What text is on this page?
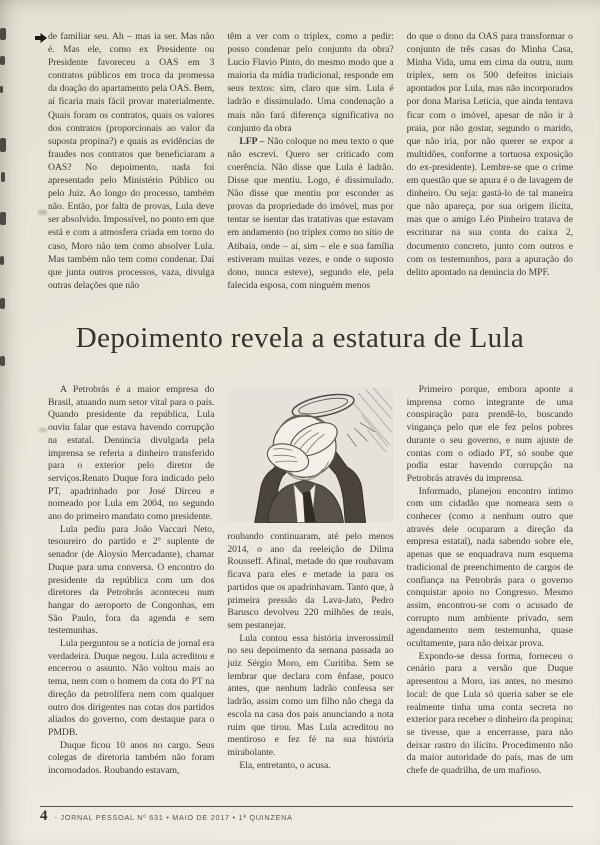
de familiar seu. Ah – mas ia ser. Mas não é. Mas ele, como ex Presidente ou Presidente favoreceu a OAS em 3 contratos públicos em troca da promessa da doação do apartamento pela OAS. Bem, aí ficaria mais fácil provar materialmente. Quais foram os contratos, quais os valores dos contratos (proporcionais ao valor da suposta propina?) e quais as evidências de fraudes nos contratos que beneficiaram a OAS? No depoimento, nada foi apresentado pelo Ministério Público ou pelo Juiz. Ao longo do processo, também não. Então, por falta de provas, Lula deve ser absolvido. Impossível, no ponto em que está e com a atmosfera criada em torno do caso, Moro não tem como absolver Lula. Mas também não tem como condenar. Daí que junta outros processos, vaza, divulga outras delações que não

têm a ver com o tríplex, como a pedir: posso condenar pelo conjunto da obra? Lucio Flavio Pinto, do mesmo modo que a maioria da mídia tradicional, responde em seus textos: sim, claro que sim. Lula é ladrão e dissimulado. Uma condenação a mais não fará diferença significativa no conjunto da obra

LFP – Não coloque no meu texto o que não escrevi. Quero ser criticado com coerência. Não disse que Lula é ladrão. Disse que mentiu. Logo, é dissimulado. Não disse que mentiu por esconder as provas da propriedade do imóvel, mas por tentar se isentar das tratativas que estavam em andamento (no triplex como no sítio de Atibaia, onde – aí, sim – ele e sua família estiveram muitas vezes, e onde o suposto dono, nunca esteve), segundo ele, pela falecida esposa, com ninguém menos

do que o dono da OAS para transformar o conjunto de três casas do Minha Casa, Minha Vida, uma em cima da outra, num triplex, sem os 500 defeitos iniciais apontados por Lula, mas não incorporados por dona Marisa Letícia, que ainda tentava ficar com o imóvel, apesar de não ir à praia, por não gostar, segundo o marido, que não iria, por não querer se expor a multidões, conforme a tortuosa exposição do ex-presidente). Lembre-se que o crime em questão que se apura é o de lavagem de dinheiro. Ou seja: gastá-lo de tal maneira que não apareça, por sua origem ilícita, mas que o amigo Léo Pinheiro tratava de escriturar na sua conta do caixa 2, documento concreto, junto com outros e com os testemunhos, para a apuração do delito apontado na denúncia do MPF.

Depoimento revela a estatura de Lula

A Petrobrás é a maior empresa do Brasil, atuando num setor vital para o país. Quando presidente da república, Lula ouviu falar que estava havendo corrupção na estatal. Denúncia divulgada pela imprensa se referia a dinheiro transferido para o exterior pelo diretor de serviços.Renato Duque fora indicado pelo PT, apadrinhado por José Dirceu e nomeado por Lula em 2004, no segundo ano do primeiro mandato como presidente.

Lula pediu para João Vaccari Neto, tesoureiro do partido e 2º suplente de senador (de Aloysio Mercadante), chamar Duque para uma conversa. O encontro do presidente da república com um dos diretores da Petrobrás aconteceu num hangar do aeroporto de Congonhas, em São Paulo, fora da agenda e sem testemunhas.

Lula perguntou se a notícia de jornal era verdadeira. Duque negou. Lula acreditou e encerrou o assunto. Não voltou mais ao tema, nem com o homem da cota do PT na direção da petrolífera nem com qualquer outro dos dirigentes nas cotas dos partidos aliados do governo, com destaque para o PMDB.

Duque ficou 10 anos no cargo. Seus colegas de diretoria também não foram incomodados. Roubando estavam,

roubando continuaram, até pelo menos 2014, o ano da reeleição de Dilma Rousseff. Afinal, metade do que roubavam ficava para eles e metade ia para os partidos que os apadrinhavam. Tanto que, à primeira pressão da Lava-Jato, Pedro Barusco devolveu 220 milhões de reais, sem pestanejar.

Lula contou essa história inverossímil no seu depoimento da semana passada ao juiz Sérgio Moro, em Curitiba. Sem se lembrar que declara com ênfase, pouco antes, que nenhum ladrão confessa ser ladrão, assim como um filho não chega da escola na casa dos pais anunciando a nota ruim que tirou. Mas Lula acreditou no mentiroso e fez fé na sua história mirabolante.

Ela, entretanto, o acusa.

Primeiro porque, embora aponte a imprensa como integrante de uma conspiração para prendê-lo, buscando vingança pelo que ele fez pelos pobres durante o seu governo, e num ajuste de contas com o odiado PT, só soube que podia estar havendo corrupção na Petrobrás através da imprensa.

Informado, planejou encontro íntimo com um cidadão que nomeara sem o conhecer (como a nenhum outro que através dele ocuparam a direção da empresa estatal), nada sabendo sobre ele, apenas que se enquadrava num esquema tradicional de preenchimento de cargos de confiança na Petrobrás para o governo conquistar apoio no Congresso. Mesmo assim, encontrou-se com o acusado de corrupto num ambiente privado, sem agendamento nem testemunha, quase ocultamente, para não deixar prova.

Expondo-se dessa forma, forneceu o cenário para a versão que Duque apresentou a Moro, ias antes, no mesmo local: de que Lula só queria saber se ele realmente tinha uma conta secreta no exterior para receber o dinheiro da propina; se tivesse, que a encerrasse, para não deixar rastro do ilícito. Procedimento não da maior autoridade do país, mas de um chefe de quadrilha, de um mafioso.

4 - JORNAL PESSOAL Nº 631 • MAIO DE 2017 • 1ª QUINZENA
